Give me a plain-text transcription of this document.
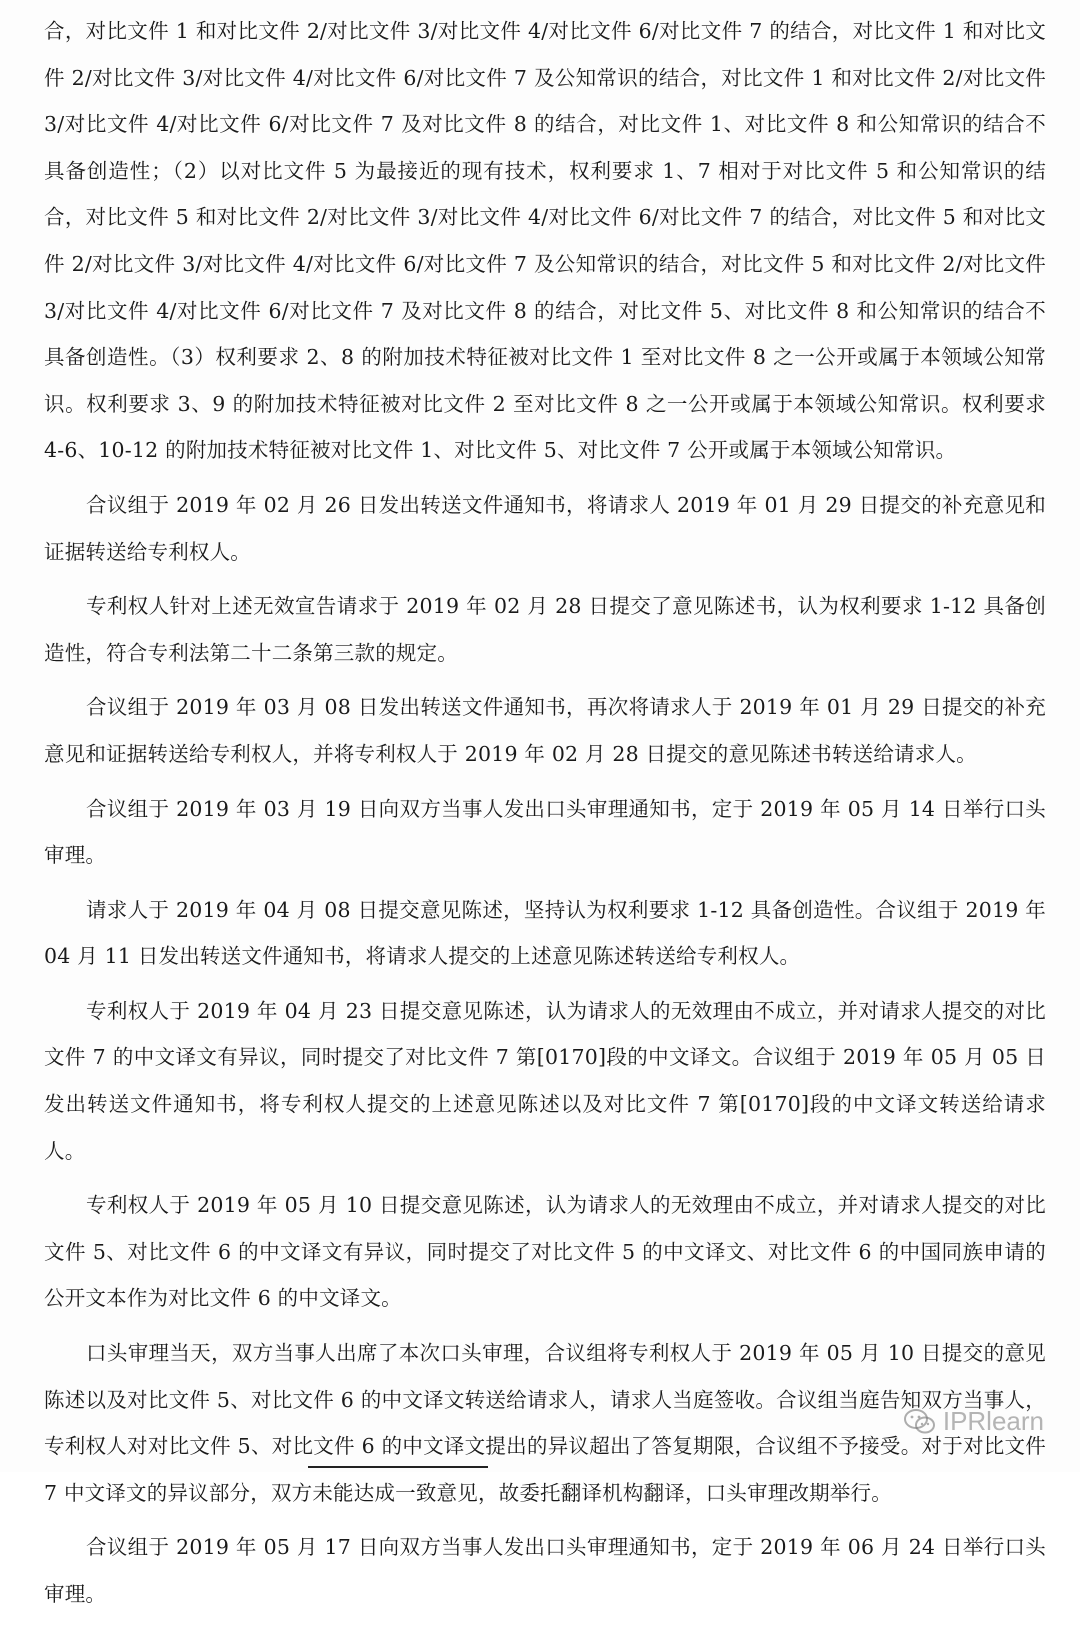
合，对比文件 1 和对比文件 2/对比文件 3/对比文件 4/对比文件 6/对比文件 7 的结合，对比文件 1 和对比文件 2/对比文件 3/对比文件 4/对比文件 6/对比文件 7 及公知常识的结合，对比文件 1 和对比文件 2/对比文件 3/对比文件 4/对比文件 6/对比文件 7 及对比文件 8 的结合，对比文件 1、对比文件 8 和公知常识的结合不具备创造性；（2）以对比文件 5 为最接近的现有技术，权利要求 1、7 相对于对比文件 5 和公知常识的结合，对比文件 5 和对比文件 2/对比文件 3/对比文件 4/对比文件 6/对比文件 7 的结合，对比文件 5 和对比文件 2/对比文件 3/对比文件 4/对比文件 6/对比文件 7 及公知常识的结合，对比文件 5 和对比文件 2/对比文件 3/对比文件 4/对比文件 6/对比文件 7 及对比文件 8 的结合，对比文件 5、对比文件 8 和公知常识的结合不具备创造性。（3）权利要求 2、8 的附加技术特征被对比文件 1 至对比文件 8 之一公开或属于本领域公知常识。权利要求 3、9 的附加技术特征被对比文件 2 至对比文件 8 之一公开或属于本领域公知常识。权利要求 4-6、10-12 的附加技术特征被对比文件 1、对比文件 5、对比文件 7 公开或属于本领域公知常识。

合议组于 2019 年 02 月 26 日发出转送文件通知书，将请求人 2019 年 01 月 29 日提交的补充意见和证据转送给专利权人。

专利权人针对上述无效宣告请求于 2019 年 02 月 28 日提交了意见陈述书，认为权利要求 1-12 具备创造性，符合专利法第二十二条第三款的规定。

合议组于 2019 年 03 月 08 日发出转送文件通知书，再次将请求人于 2019 年 01 月 29 日提交的补充意见和证据转送给专利权人，并将专利权人于 2019 年 02 月 28 日提交的意见陈述书转送给请求人。

合议组于 2019 年 03 月 19 日向双方当事人发出口头审理通知书，定于 2019 年 05 月 14 日举行口头审理。

请求人于 2019 年 04 月 08 日提交意见陈述，坚持认为权利要求 1-12 具备创造性。合议组于 2019 年 04 月 11 日发出转送文件通知书，将请求人提交的上述意见陈述转送给专利权人。

专利权人于 2019 年 04 月 23 日提交意见陈述，认为请求人的无效理由不成立，并对请求人提交的对比文件 7 的中文译文有异议，同时提交了对比文件 7 第[0170]段的中文译文。合议组于 2019 年 05 月 05 日发出转送文件通知书，将专利权人提交的上述意见陈述以及对比文件 7 第[0170]段的中文译文转送给请求人。

专利权人于 2019 年 05 月 10 日提交意见陈述，认为请求人的无效理由不成立，并对请求人提交的对比文件 5、对比文件 6 的中文译文有异议，同时提交了对比文件 5 的中文译文、对比文件 6 的中国同族申请的公开文本作为对比文件 6 的中文译文。

口头审理当天，双方当事人出席了本次口头审理，合议组将专利权人于 2019 年 05 月 10 日提交的意见陈述以及对比文件 5、对比文件 6 的中文译文转送给请求人，请求人当庭签收。合议组当庭告知双方当事人，专利权人对对比文件 5、对比文件 6 的中文译文提出的异议超出了答复期限，合议组不予接受。对于对比文件 7 中文译文的异议部分，双方未能达成一致意见，故委托翻译机构翻译，口头审理改期举行。

合议组于 2019 年 05 月 17 日向双方当事人发出口头审理通知书，定于 2019 年 06 月 24 日举行口头审理。

IPRlearn
